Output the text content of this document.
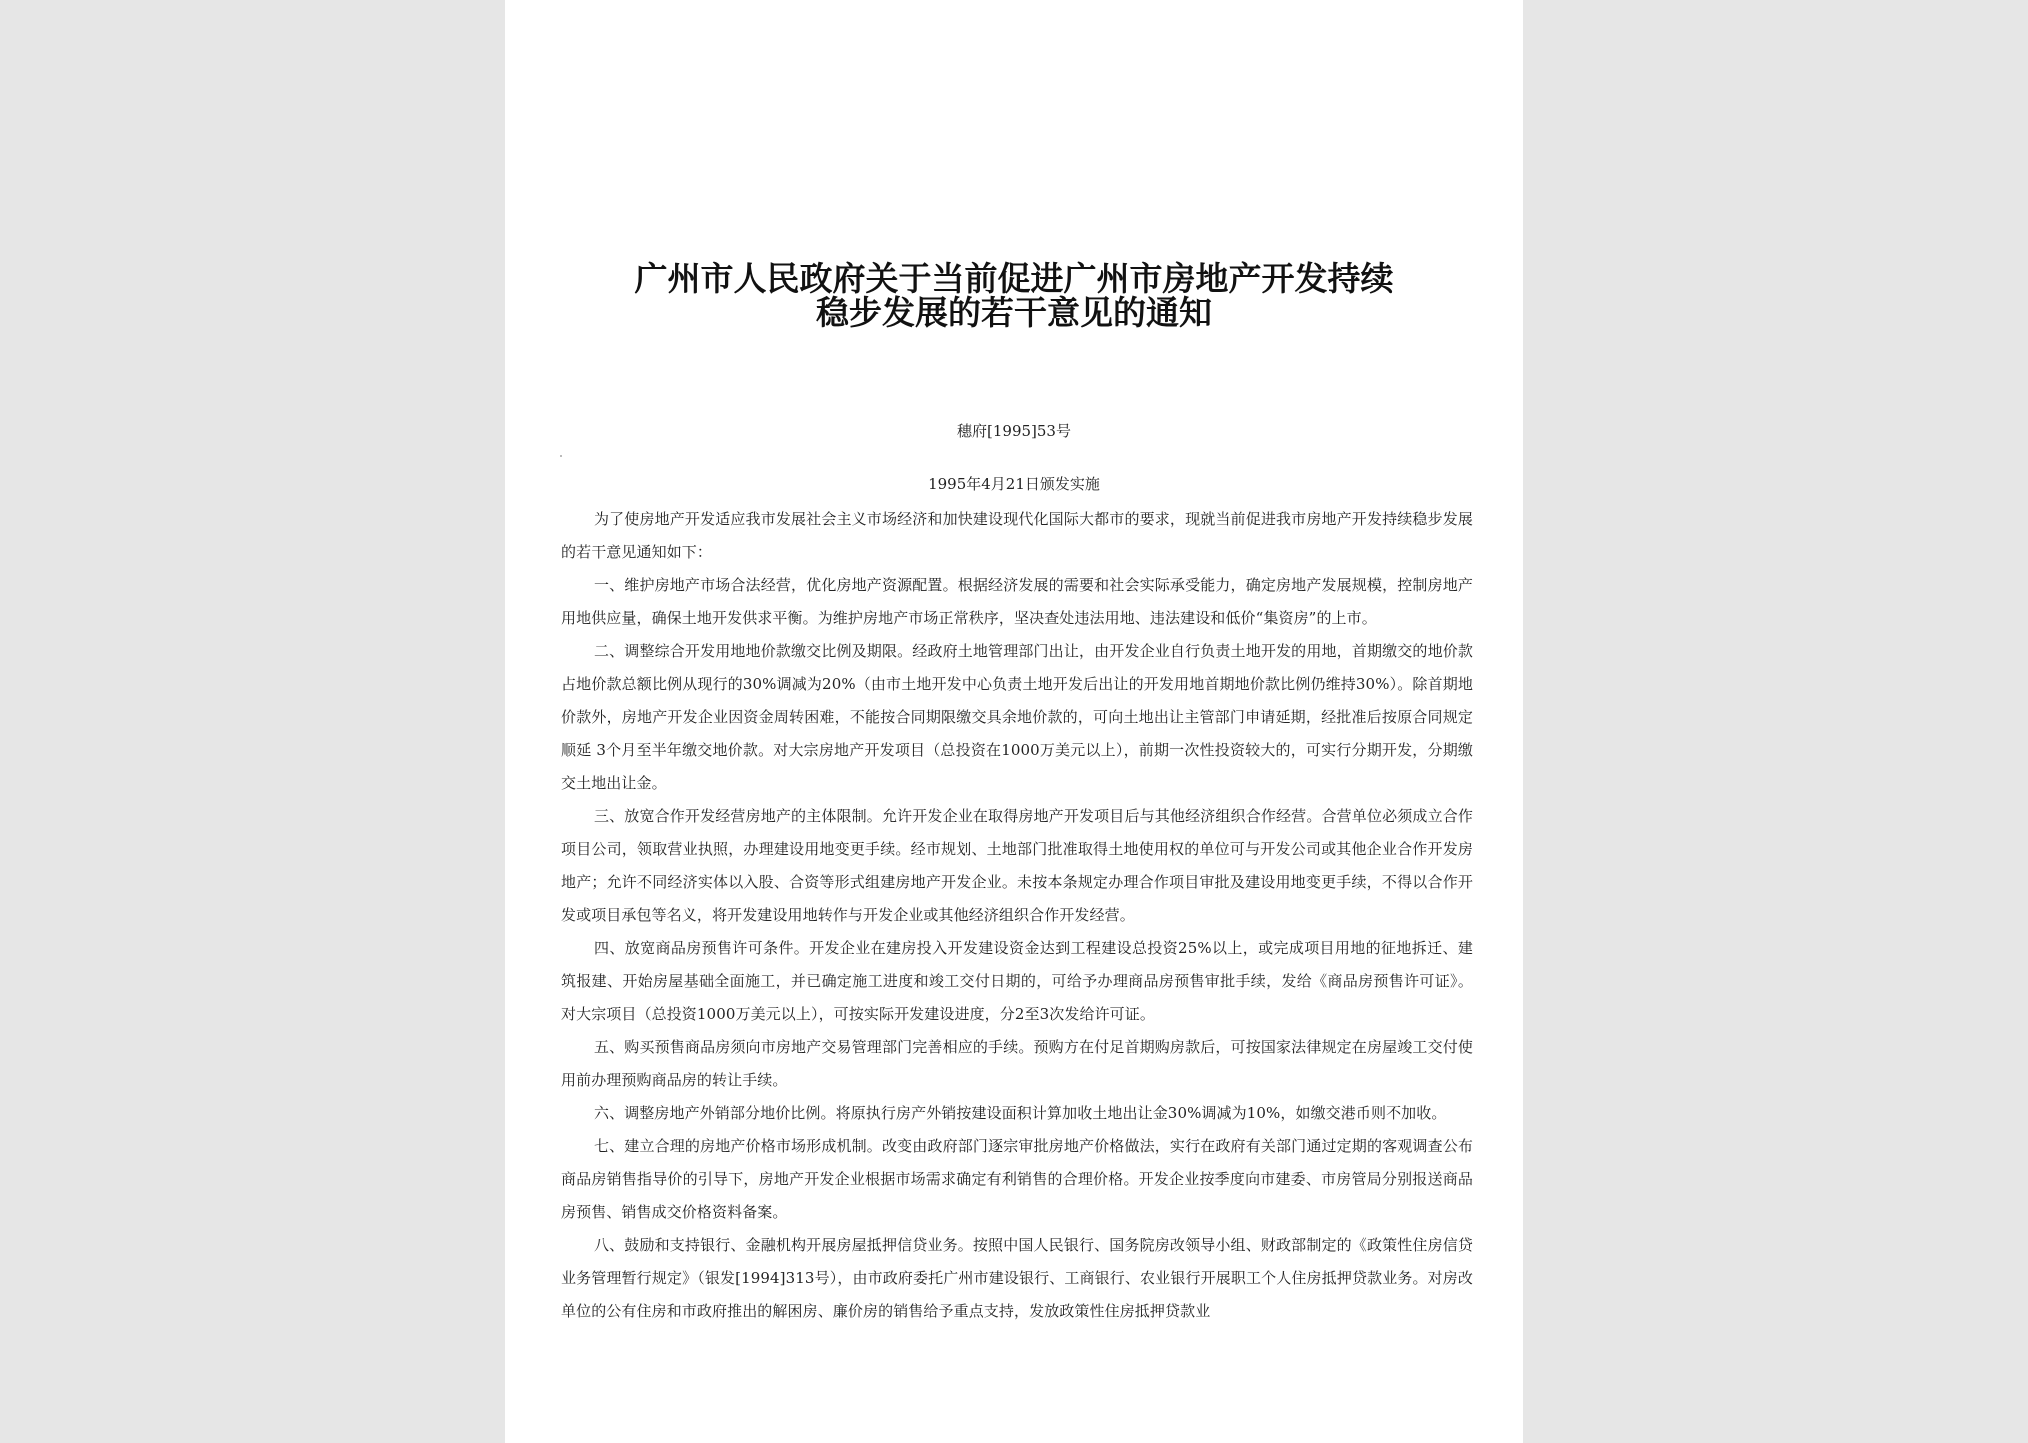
广州市人民政府关于当前促进广州市房地产开发持续
稳步发展的若干意见的通知
穗府[1995]53号
1995年4月21日颁发实施

为了使房地产开发适应我市发展社会主义市场经济和加快建设现代化国际大都市的要求，现就当前促进我市房地产开发持续稳步发展的若干意见通知如下：

一、维护房地产市场合法经营，优化房地产资源配置。根据经济发展的需要和社会实际承受能力，确定房地产发展规模，控制房地产用地供应量，确保土地开发供求平衡。为维护房地产市场正常秩序，坚决查处违法用地、违法建设和低价“集资房”的上市。

二、调整综合开发用地地价款缴交比例及期限。经政府土地管理部门出让，由开发企业自行负责土地开发的用地，首期缴交的地价款占地价款总额比例从现行的30%调减为20%（由市土地开发中心负责土地开发后出让的开发用地首期地价款比例仍维持30%）。除首期地价款外，房地产开发企业因资金周转困难，不能按合同期限缴交具余地价款的，可向土地出让主管部门申请延期，经批准后按原合同规定顺延 3个月至半年缴交地价款。对大宗房地产开发项目（总投资在1000万美元以上），前期一次性投资较大的，可实行分期开发，分期缴交土地出让金。

三、放宽合作开发经营房地产的主体限制。允许开发企业在取得房地产开发项目后与其他经济组织合作经营。合营单位必须成立合作项目公司，领取营业执照，办理建设用地变更手续。经市规划、土地部门批准取得土地使用权的单位可与开发公司或其他企业合作开发房地产；允许不同经济实体以入股、合资等形式组建房地产开发企业。未按本条规定办理合作项目审批及建设用地变更手续，不得以合作开发或项目承包等名义，将开发建设用地转作与开发企业或其他经济组织合作开发经营。

四、放宽商品房预售许可条件。开发企业在建房投入开发建设资金达到工程建设总投资25%以上，或完成项目用地的征地拆迁、建筑报建、开始房屋基础全面施工，并已确定施工进度和竣工交付日期的，可给予办理商品房预售审批手续，发给《商品房预售许可证》。对大宗项目（总投资1000万美元以上），可按实际开发建设进度，分2至3次发给许可证。

五、购买预售商品房须向市房地产交易管理部门完善相应的手续。预购方在付足首期购房款后，可按国家法律规定在房屋竣工交付使用前办理预购商品房的转让手续。

六、调整房地产外销部分地价比例。将原执行房产外销按建设面积计算加收土地出让金30%调减为10%，如缴交港币则不加收。

七、建立合理的房地产价格市场形成机制。改变由政府部门逐宗审批房地产价格做法，实行在政府有关部门通过定期的客观调查公布商品房销售指导价的引导下，房地产开发企业根据市场需求确定有利销售的合理价格。开发企业按季度向市建委、市房管局分别报送商品房预售、销售成交价格资料备案。

八、鼓励和支持银行、金融机构开展房屋抵押信贷业务。按照中国人民银行、国务院房改领导小组、财政部制定的《政策性住房信贷业务管理暂行规定》（银发[1994]313号），由市政府委托广州市建设银行、工商银行、农业银行开展职工个人住房抵押贷款业务。对房改单位的公有住房和市政府推出的解困房、廉价房的销售给予重点支持，发放政策性住房抵押贷款业
